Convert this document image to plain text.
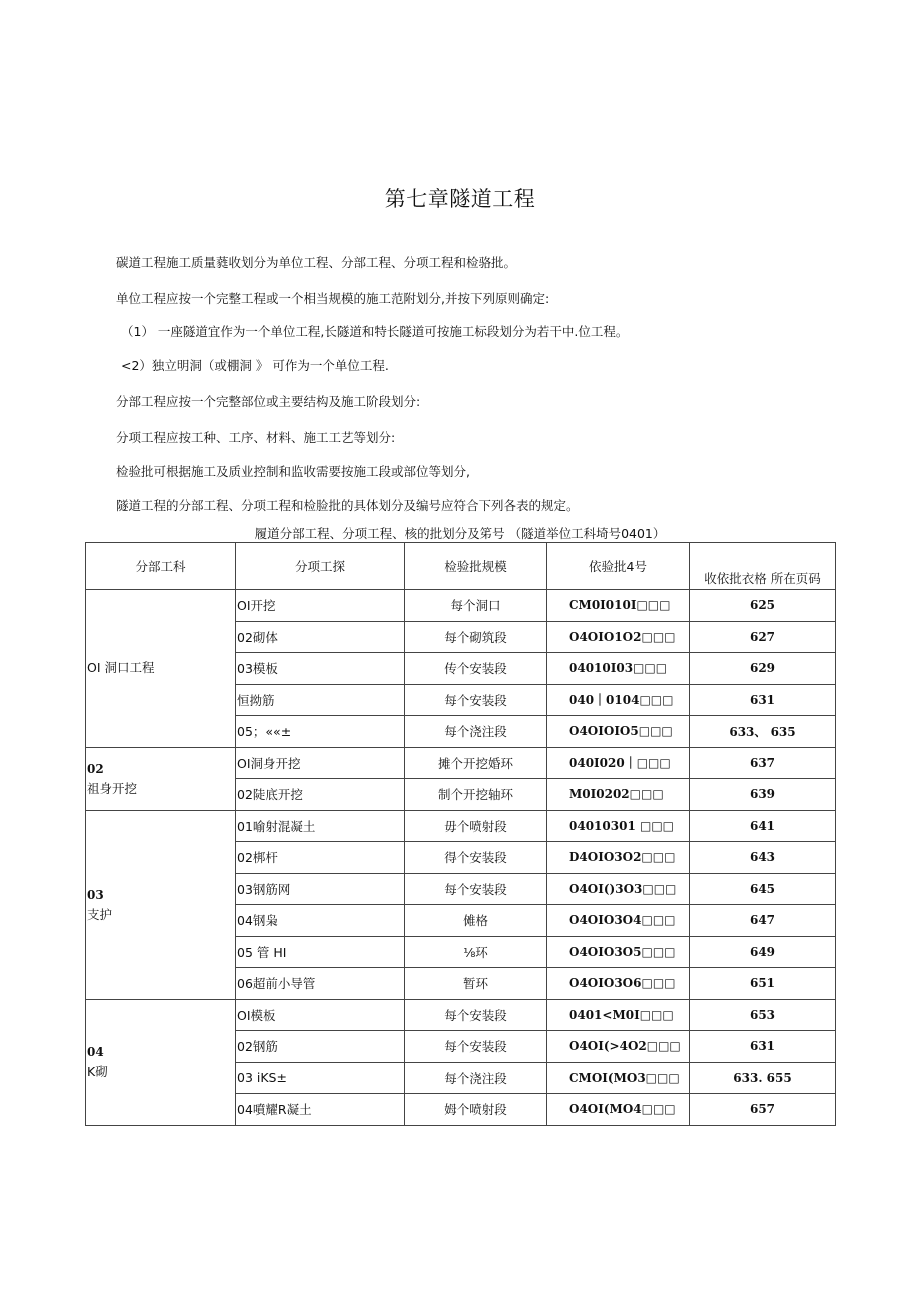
第七章隧道工程
碳道工程施工质量蕤收划分为单位工程、分部工程、分项工程和检骆批。
单位工程应按一个完整工程或一个相当规模的施工范附划分,并按下列原则确定:
（1） 一座隧道宜作为一个单位工程,长隧道和特长隧道可按施工标段划分为若干中.位工程。
<2）独立明洞（或棚洞 》 可作为一个单位工程.
分部工程应按一个完整部位或主要结构及施工阶段划分:
分项工程应按工种、工序、材料、施工工艺等划分:
检验批可根据施工及质业控制和监收需要按施工段或部位等划分,
隧道工程的分部工程、分项工程和检脸批的具体划分及编号应符合下列各表的规定。
履道分部工程、分项工程、核的批划分及笫号 （隧道举位工科埼号0401）
分部工科	分项工探	检验批规模	依验批4号	收依批衣格 所在页码

OI 洞口工程	OI开挖	每个洞口	CM0I010I□□□	625
	02砌体	每个砌筑段	O4OIO1O2□□□	627
	03模板	传个安装段	04010I03□□□	629
	恒拗筋	每个安装段	040｜0104□□□	631
	05；««±	每个浇注段	O4OIOIO5□□□	633、 635

02
祖身开挖	OI洞身开挖	摊个开挖婚环	040I020｜□□□	637
	02陡底开挖	制个开挖轴环	M0I0202□□□	639

03
支护	01喻射混凝土	毋个喷射段	04010301 □□□	641
	02梆杆	得个安装段	D4OIO3O2□□□	643
	03钢筋网	每个安装段	O4OI()3O3□□□	645
	04钢枭	傩格	O4OIO3O4□□□	647
	05 管 HI	⅛环	O4OIO3O5□□□	649
	06超前小导管	暂环	O4OIO3O6□□□	651

04
K砌	OI模板	每个安装段	0401<M0I□□□	653
	02钢筋	每个安装段	O4OI(>4O2□□□	631
	03 iKS±	每个浇注段	CMOI(MO3□□□	633. 655
	04噴耀R凝土	姆个喷射段	O4OI(MO4□□□	657
